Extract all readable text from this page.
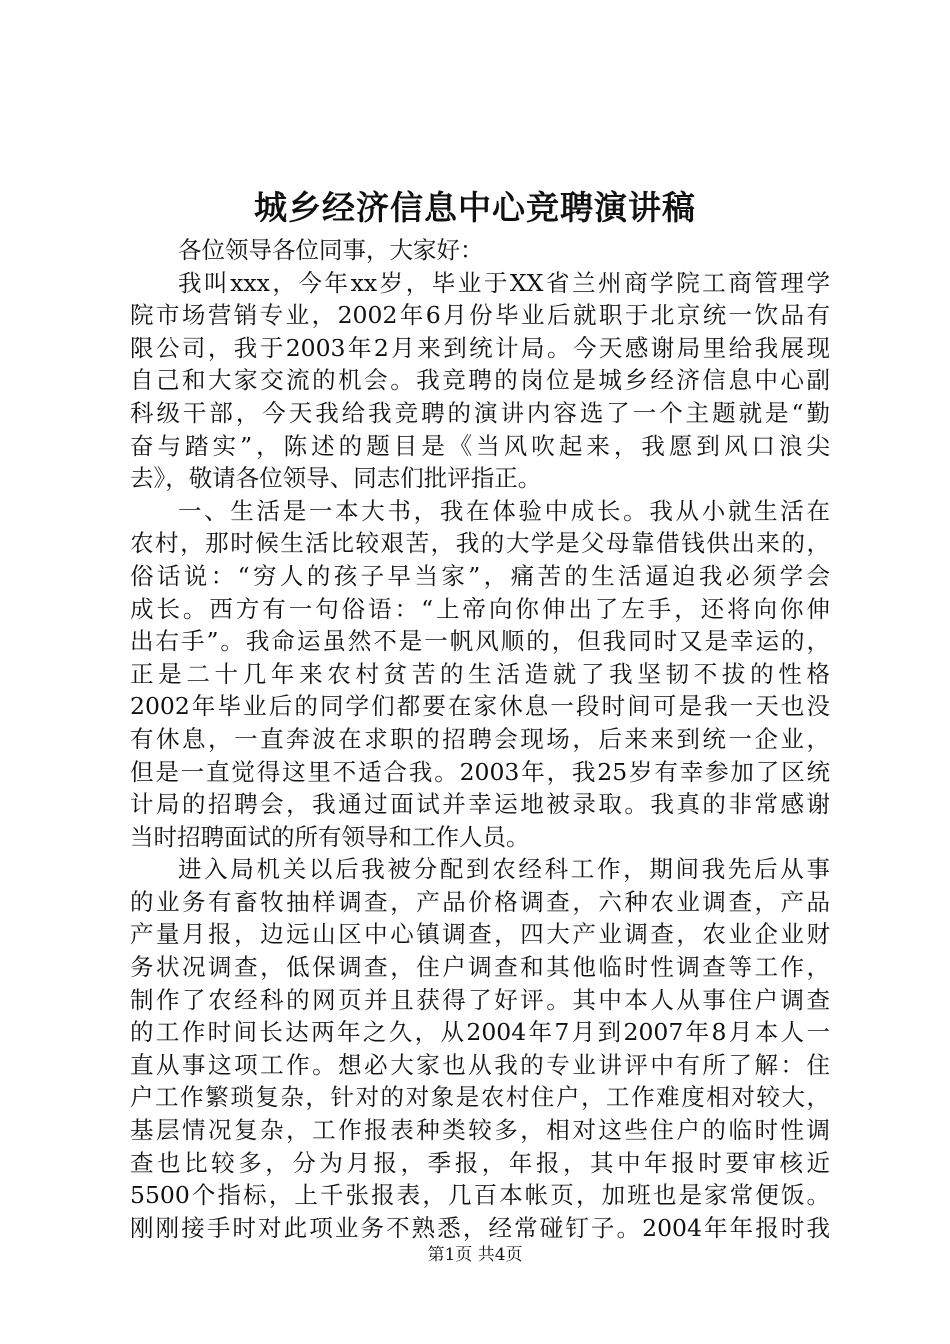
城乡经济信息中心竞聘演讲稿
各位领导各位同事，大家好：
我叫xxx，今年xx岁，毕业于XX省兰州商学院工商管理学
院市场营销专业，2002年6月份毕业后就职于北京统一饮品有
限公司，我于2003年2月来到统计局。今天感谢局里给我展现
自己和大家交流的机会。我竞聘的岗位是城乡经济信息中心副
科级干部，今天我给我竞聘的演讲内容选了一个主题就是“勤
奋与踏实”，陈述的题目是《当风吹起来，我愿到风口浪尖
去》，敬请各位领导、同志们批评指正。
一、生活是一本大书，我在体验中成长。我从小就生活在
农村，那时候生活比较艰苦，我的大学是父母靠借钱供出来的，
俗话说：“穷人的孩子早当家”，痛苦的生活逼迫我必须学会
成长。西方有一句俗语：“上帝向你伸出了左手，还将向你伸
出右手”。我命运虽然不是一帆风顺的，但我同时又是幸运的，
正是二十几年来农村贫苦的生活造就了我坚韧不拔的性格
2002年毕业后的同学们都要在家休息一段时间可是我一天也没
有休息，一直奔波在求职的招聘会现场，后来来到统一企业，
但是一直觉得这里不适合我。2003年，我25岁有幸参加了区统
计局的招聘会，我通过面试并幸运地被录取。我真的非常感谢
当时招聘面试的所有领导和工作人员。
进入局机关以后我被分配到农经科工作，期间我先后从事
的业务有畜牧抽样调查，产品价格调查，六种农业调查，产品
产量月报，边远山区中心镇调查，四大产业调查，农业企业财
务状况调查，低保调查，住户调查和其他临时性调查等工作，
制作了农经科的网页并且获得了好评。其中本人从事住户调查
的工作时间长达两年之久，从2004年7月到2007年8月本人一
直从事这项工作。想必大家也从我的专业讲评中有所了解：住
户工作繁琐复杂，针对的对象是农村住户，工作难度相对较大，
基层情况复杂，工作报表种类较多，相对这些住户的临时性调
查也比较多，分为月报，季报，年报，其中年报时要审核近
5500个指标，上千张报表，几百本帐页，加班也是家常便饭。
刚刚接手时对此项业务不熟悉，经常碰钉子。2004年年报时我
第1页 共4页
